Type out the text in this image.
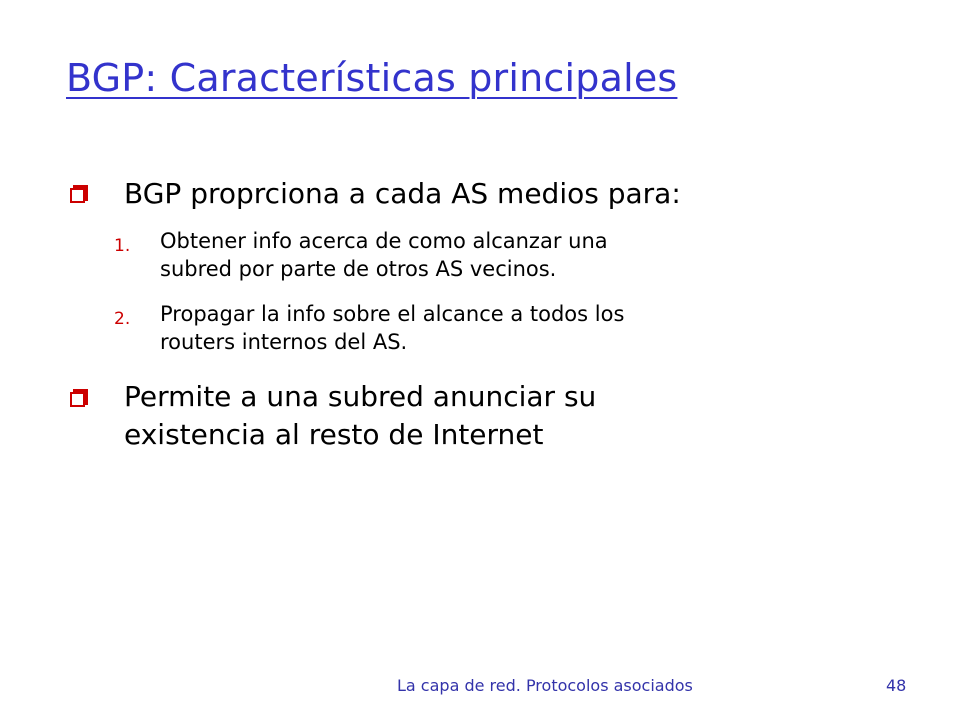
BGP: Características principales
BGP proprciona a cada AS medios para:
1. Obtener info acerca de como alcanzar una
subred por parte de otros AS vecinos.
2. Propagar la info sobre el alcance a todos los
routers internos del AS.
Permite a una subred anunciar su
existencia al resto de Internet
La capa de red. Protocolos asociados	48
